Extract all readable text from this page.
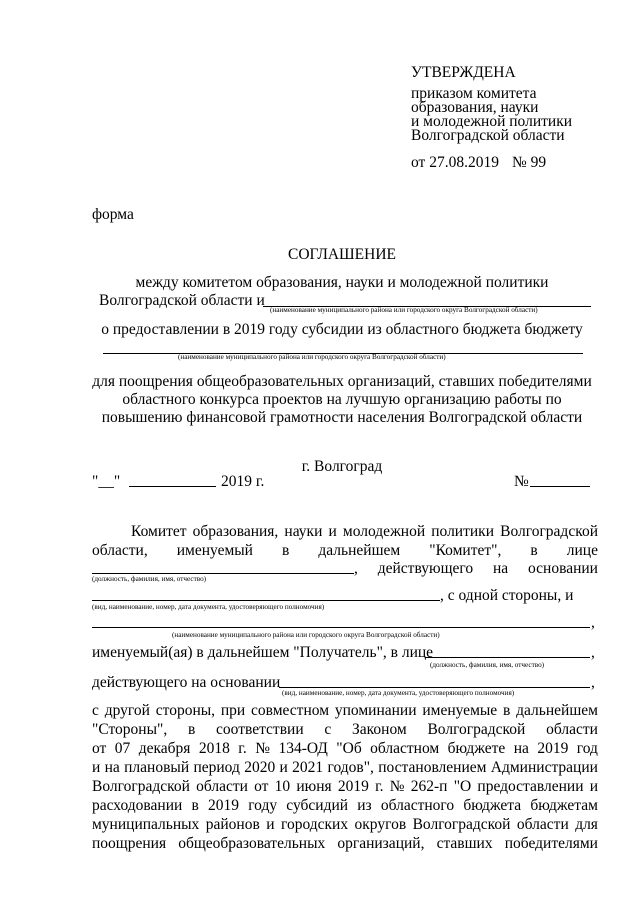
УТВЕРЖДЕНА
приказом комитета
образования, науки
и молодежной политики
Волгоградской области
от 27.08.2019 № 99
форма
СОГЛАШЕНИЕ
между комитетом образования, науки и молодежной политики
Волгоградской области и
(наименование муниципального района или городского округа Волгоградской области)
о предоставлении в 2019 году субсидии из областного бюджета бюджету
(наименование муниципального района или городского округа Волгоградской области)
для поощрения общеобразовательных организаций, ставших победителями
областного конкурса проектов на лучшую организацию работы по
повышению финансовой грамотности населения Волгоградской области
г. Волгоград
"__"	2019 г.	№
Комитет образования, науки и молодежной политики Волгоградской
области, именуемый в дальнейшем "Комитет", в лице
, действующего на основании
(должность, фамилия, имя, отчество)
, с одной стороны, и
(вид, наименование, номер, дата документа, удостоверяющего полномочия)
,
(наименование муниципального района или городского округа Волгоградской области)
именуемый(ая) в дальнейшем "Получатель", в лице	,
(должность, фамилия, имя, отчество)
действующего на основании	,
(вид, наименование, номер, дата документа, удостоверяющего полномочия)
с другой стороны, при совместном упоминании именуемые в дальнейшем
"Стороны", в соответствии с Законом Волгоградской области
от 07 декабря 2018 г. № 134-ОД "Об областном бюджете на 2019 год
и на плановый период 2020 и 2021 годов", постановлением Администрации
Волгоградской области от 10 июня 2019 г. № 262-п "О предоставлении и
расходовании в 2019 году субсидий из областного бюджета бюджетам
муниципальных районов и городских округов Волгоградской области для
поощрения общеобразовательных организаций, ставших победителями
